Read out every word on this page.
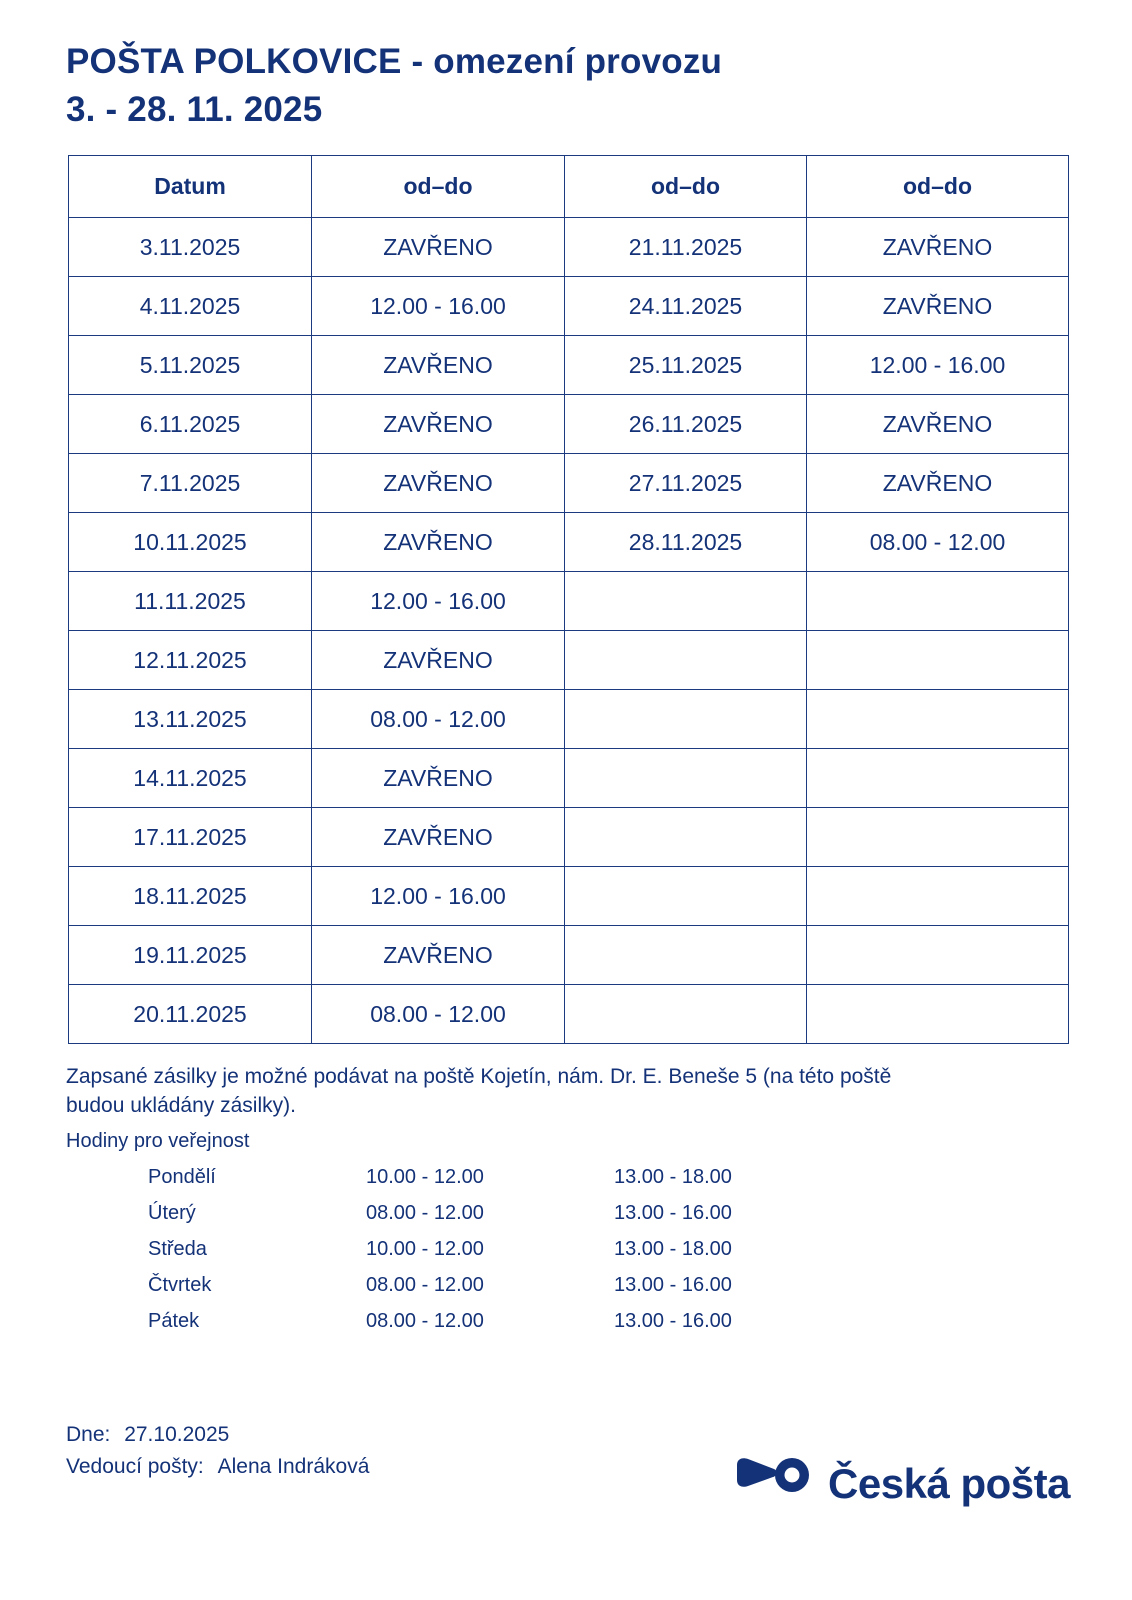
POŠTA POLKOVICE - omezení provozu
3. - 28. 11. 2025
Datum	od–do	od–do	od–do
3.11.2025	ZAVŘENO	21.11.2025	ZAVŘENO
4.11.2025	12.00 - 16.00	24.11.2025	ZAVŘENO
5.11.2025	ZAVŘENO	25.11.2025	12.00 - 16.00
6.11.2025	ZAVŘENO	26.11.2025	ZAVŘENO
7.11.2025	ZAVŘENO	27.11.2025	ZAVŘENO
10.11.2025	ZAVŘENO	28.11.2025	08.00 - 12.00
11.11.2025	12.00 - 16.00		
12.11.2025	ZAVŘENO		
13.11.2025	08.00 - 12.00		
14.11.2025	ZAVŘENO		
17.11.2025	ZAVŘENO		
18.11.2025	12.00 - 16.00		
19.11.2025	ZAVŘENO		
20.11.2025	08.00 - 12.00		
Zapsané zásilky je možné podávat na poště Kojetín, nám. Dr. E. Beneše 5 (na této poště
budou ukládány zásilky).
Hodiny pro veřejnost
Pondělí	10.00 - 12.00	13.00 - 18.00
Úterý	08.00 - 12.00	13.00 - 16.00
Středa	10.00 - 12.00	13.00 - 18.00
Čtvrtek	08.00 - 12.00	13.00 - 16.00
Pátek	08.00 - 12.00	13.00 - 16.00
Dne: 27.10.2025
Vedoucí pošty: Alena Indráková	Česká pošta
